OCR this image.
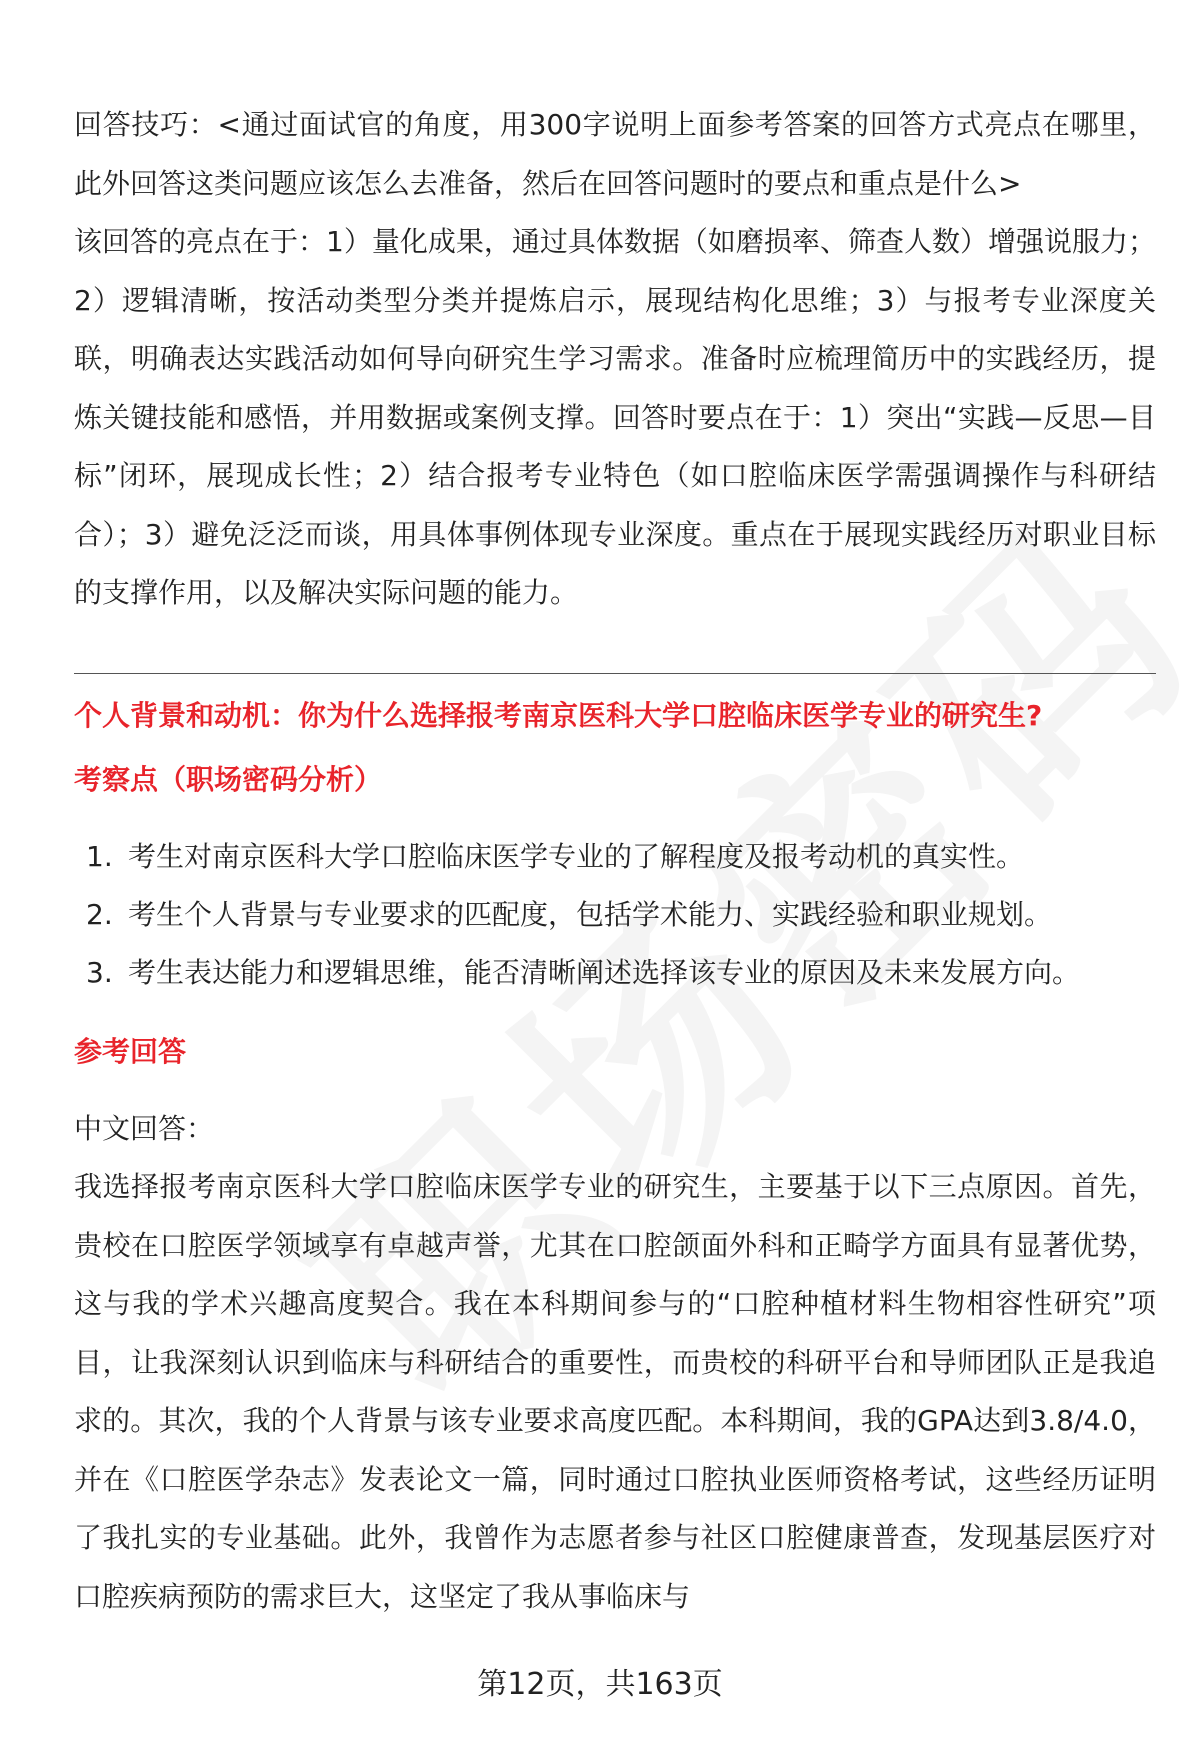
回答技巧：<通过面试官的角度，用300字说明上面参考答案的回答方式亮点在哪里，此外回答这类问题应该怎么去准备，然后在回答问题时的要点和重点是什么>

该回答的亮点在于：1）量化成果，通过具体数据（如磨损率、筛查人数）增强说服力；2）逻辑清晰，按活动类型分类并提炼启示，展现结构化思维；3）与报考专业深度关联，明确表达实践活动如何导向研究生学习需求。准备时应梳理简历中的实践经历，提炼关键技能和感悟，并用数据或案例支撑。回答时要点在于：1）突出“实践—反思—目标”闭环，展现成长性；2）结合报考专业特色（如口腔临床医学需强调操作与科研结合）；3）避免泛泛而谈，用具体事例体现专业深度。重点在于展现实践经历对职业目标的支撑作用，以及解决实际问题的能力。

个人背景和动机：你为什么选择报考南京医科大学口腔临床医学专业的研究生?

考察点（职场密码分析）

1. 考生对南京医科大学口腔临床医学专业的了解程度及报考动机的真实性。
2. 考生个人背景与专业要求的匹配度，包括学术能力、实践经验和职业规划。
3. 考生表达能力和逻辑思维，能否清晰阐述选择该专业的原因及未来发展方向。

参考回答

中文回答：

我选择报考南京医科大学口腔临床医学专业的研究生，主要基于以下三点原因。首先，贵校在口腔医学领域享有卓越声誉，尤其在口腔颌面外科和正畸学方面具有显著优势，这与我的学术兴趣高度契合。我在本科期间参与的“口腔种植材料生物相容性研究”项目，让我深刻认识到临床与科研结合的重要性，而贵校的科研平台和导师团队正是我追求的。其次，我的个人背景与该专业要求高度匹配。本科期间，我的GPA达到3.8/4.0，并在《口腔医学杂志》发表论文一篇，同时通过口腔执业医师资格考试，这些经历证明了我扎实的专业基础。此外，我曾作为志愿者参与社区口腔健康普查，发现基层医疗对口腔疾病预防的需求巨大，这坚定了我从事临床与

第12页，共163页
